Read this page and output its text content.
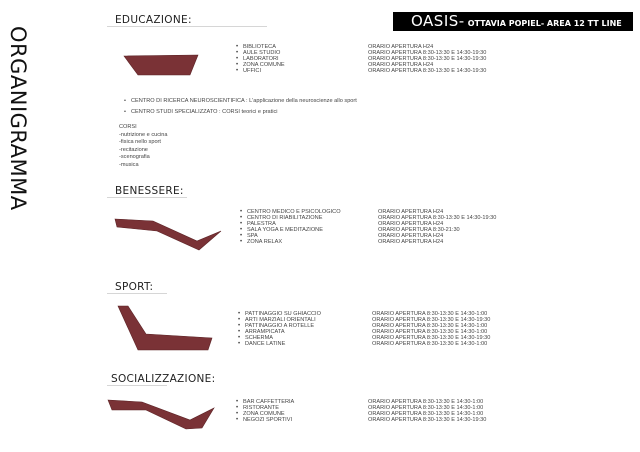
ORGANIGRAMMA
OASIS- OTTAVIA POPIEL- AREA 12 TT LINE
EDUCAZIONE:
• BIBLIOTECA	ORARIO APERTURA H24
• AULE STUDIO	ORARIO APERTURA 8:30-13:30 E 14:30-19:30
• LABORATORI	ORARIO APERTURA 8:30-13:30 E 14:30-19:30
• ZONA COMUNE	ORARIO APERTURA H24
• UFFICI	ORARIO APERTURA 8:30-13:30 E 14:30-19:30
• CENTRO DI RICERCA NEUROSCIENTIFICA : L'applicazione della neuroscienze allo sport
• CENTRO STUDI SPECIALIZZATO : CORSI teorici e pratici
CORSI
-nutrizione e cucina
-fisica nello sport
-recitazione
-scenografia
-musica
BENESSERE:
• CENTRO MEDICO E PSICOLOGICO	ORARIO APERTURA H24
• CENTRO DI RIABILITAZIONE	ORARIO APERTURA 8:30-13:30 E 14:30-19:30
• PALESTRA	ORARIO APERTURA H24
• SALA YOGA E MEDITAZIONE	ORARIO APERTURA 8:30-21:30
• SPA	ORARIO APERTURA H24
• ZONA RELAX	ORARIO APERTURA H24
SPORT:
• PATTINAGGIO SU GHIACCIO	ORARIO APERTURA 8:30-13:30 E 14:30-1:00
• ARTI MARZIALI ORIENTALI	ORARIO APERTURA 8:30-13:30 E 14:30-19:30
• PATTINAGGIO A ROTELLE	ORARIO APERTURA 8:30-13:30 E 14:30-1:00
• ARRAMPICATA	ORARIO APERTURA 8:30-13:30 E 14:30-1:00
• SCHERMA	ORARIO APERTURA 8:30-13:30 E 14:30-19:30
• DANCE LATINE	ORARIO APERTURA 8:30-13:30 E 14:30-1:00
SOCIALIZZAZIONE:
• BAR CAFFETTERIA	ORARIO APERTURA 8:30-13:30 E 14:30-1:00
• RISTORANTE	ORARIO APERTURA 8:30-13:30 E 14:30-1:00
• ZONA COMUNE	ORARIO APERTURA 8:30-13:30 E 14:30-1:00
• NEGOZI SPORTIVI	ORARIO APERTURA 8:30-13:30 E 14:30-19:30
